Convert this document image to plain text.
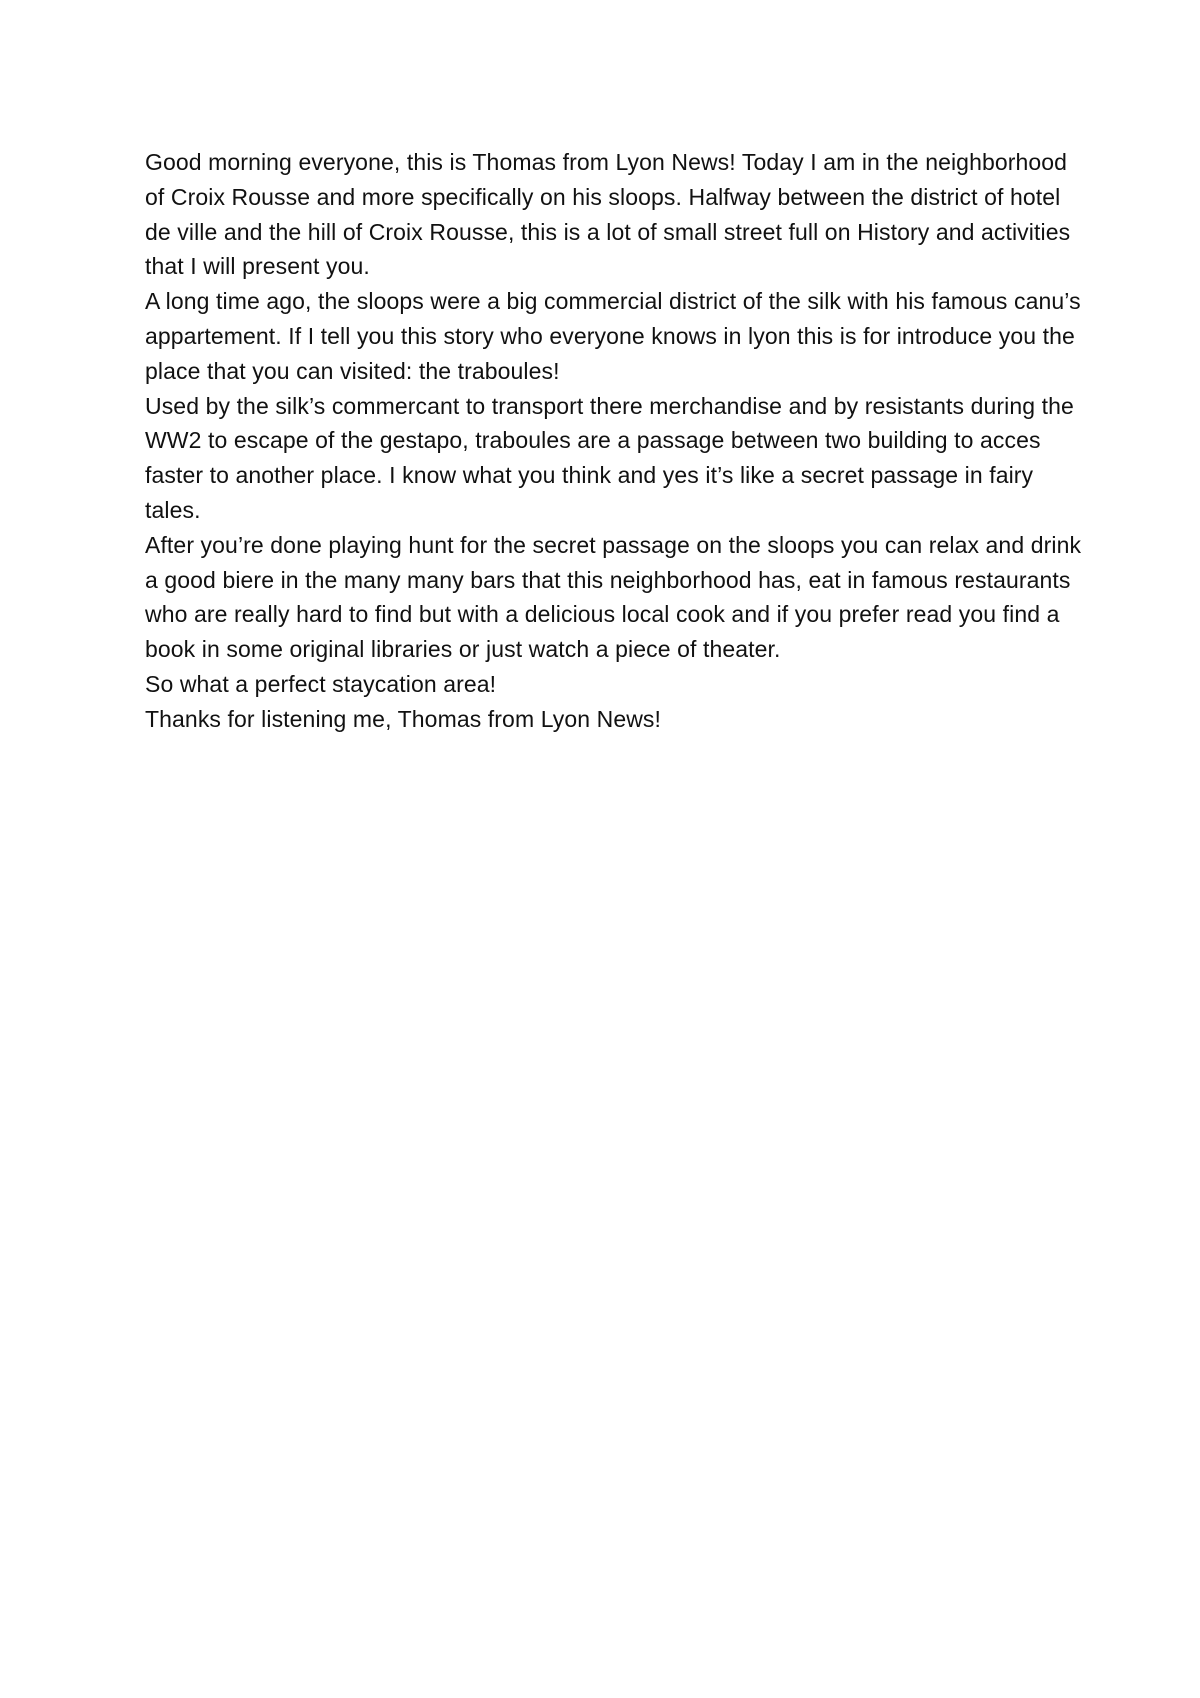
Good morning everyone, this is Thomas from Lyon News! Today I am in the neighborhood of Croix Rousse and more specifically on his sloops. Halfway between the district of hotel de ville and the hill of Croix Rousse, this is a lot of small street full on History and activities that I will present you.

A long time ago, the sloops were a big commercial district of the silk with his famous canu’s appartement. If I tell you this story who everyone knows in lyon this is for introduce you the place that you can visited: the traboules!

Used by the silk’s commercant to transport there merchandise and by resistants during the WW2 to escape of the gestapo, traboules are a passage between two building to acces faster to another place. I know what you think and yes it’s like a secret passage in fairy tales.

After you’re done playing hunt for the secret passage on the sloops you can relax and drink a good biere in the many many bars that this neighborhood has, eat in famous restaurants who are really hard to find but with a delicious local cook and if you prefer read you find a book in some original libraries or just watch a piece of theater.

So what a perfect staycation area!

Thanks for listening me, Thomas from Lyon News!
